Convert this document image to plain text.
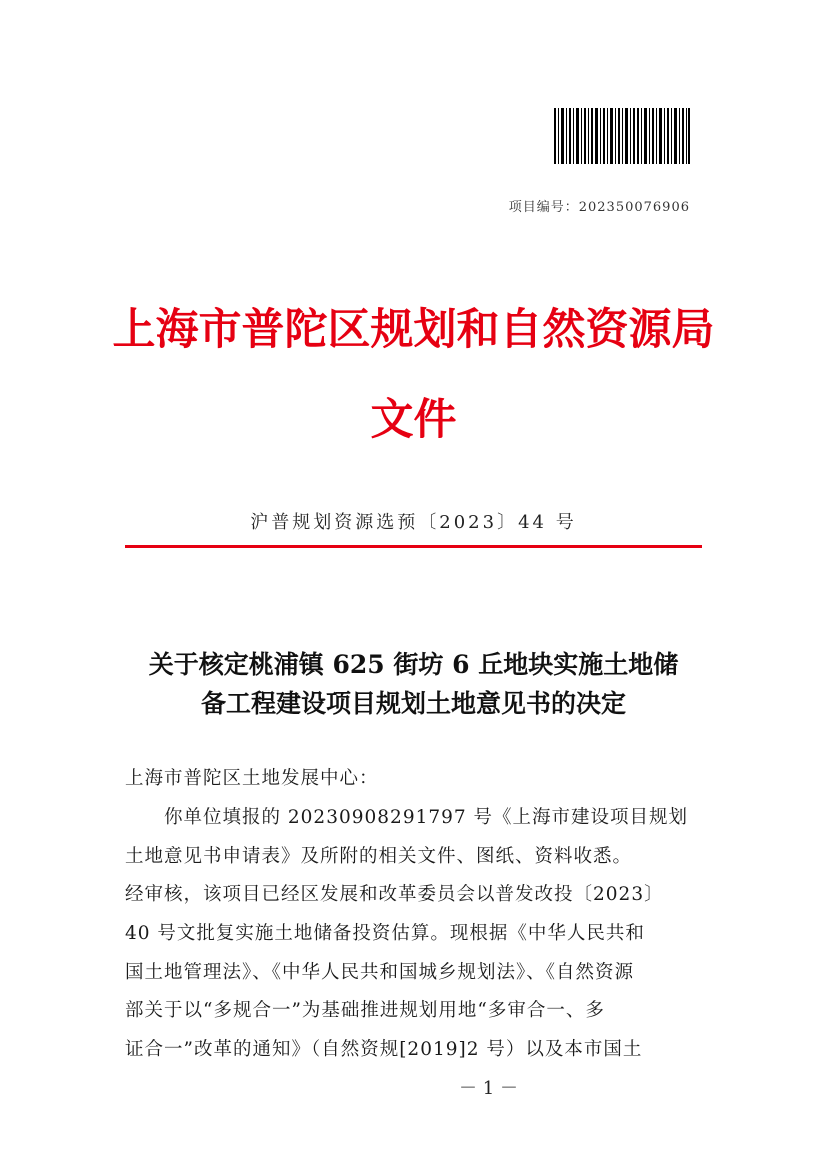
项目编号：202350076906
上海市普陀区规划和自然资源局
文件
沪普规划资源选预〔2023〕44 号
关于核定桃浦镇 625 街坊 6 丘地块实施土地储
备工程建设项目规划土地意见书的决定
上海市普陀区土地发展中心：
　　你单位填报的 20230908291797 号《上海市建设项目规划
土地意见书申请表》及所附的相关文件、图纸、资料收悉。
经审核，该项目已经区发展和改革委员会以普发改投〔2023〕
40 号文批复实施土地储备投资估算。现根据《中华人民共和
国土地管理法》、《中华人民共和国城乡规划法》、《自然资源
部关于以“多规合一”为基础推进规划用地“多审合一、多
证合一”改革的通知》（自然资规[2019]2 号）以及本市国土
－ 1 －
